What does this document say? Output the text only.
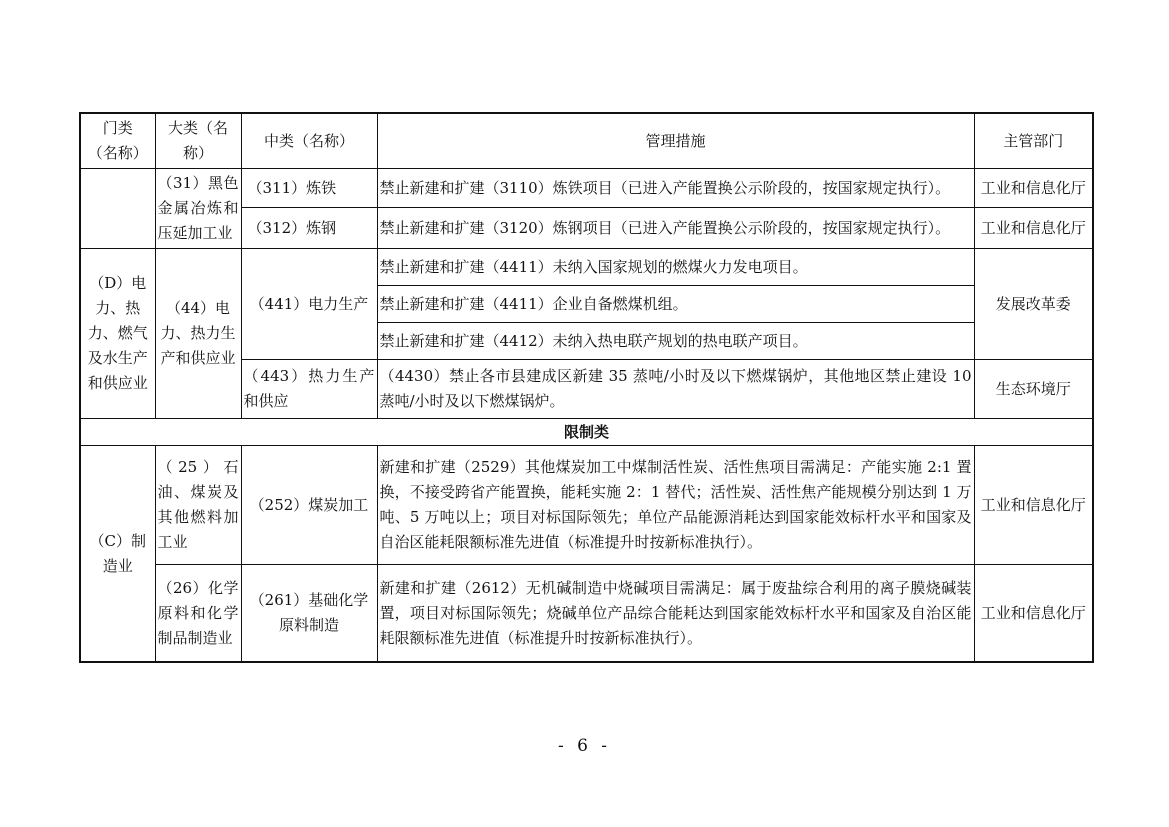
门类
（名称）	大类（名称）	中类（名称）	管理措施	主管部门
	（31）黑色金属冶炼和压延加工业	（311）炼铁	禁止新建和扩建（3110）炼铁项目（已进入产能置换公示阶段的，按国家规定执行）。	工业和信息化厅
		（312）炼钢	禁止新建和扩建（3120）炼钢项目（已进入产能置换公示阶段的，按国家规定执行）。	工业和信息化厅
（D）电力、热力、燃气及水生产和供应业	（44）电力、热力生产和供应业	（441）电力生产	禁止新建和扩建（4411）未纳入国家规划的燃煤火力发电项目。	发展改革委
			禁止新建和扩建（4411）企业自备燃煤机组。	
			禁止新建和扩建（4412）未纳入热电联产规划的热电联产项目。	
		（443）热力生产和供应	（4430）禁止各市县建成区新建 35 蒸吨/小时及以下燃煤锅炉，其他地区禁止建设 10 蒸吨/小时及以下燃煤锅炉。	生态环境厅
限制类				
（C）制造业	（25）石油、煤炭及其他燃料加工业	（252）煤炭加工	新建和扩建（2529）其他煤炭加工中煤制活性炭、活性焦项目需满足：产能实施 2:1 置换，不接受跨省产能置换，能耗实施 2：1 替代；活性炭、活性焦产能规模分别达到 1 万吨、5 万吨以上；项目对标国际领先；单位产品能源消耗达到国家能效标杆水平和国家及自治区能耗限额标准先进值（标准提升时按新标准执行）。	工业和信息化厅
	（26）化学原料和化学制品制造业	（261）基础化学原料制造	新建和扩建（2612）无机碱制造中烧碱项目需满足：属于废盐综合利用的离子膜烧碱装置，项目对标国际领先；烧碱单位产品综合能耗达到国家能效标杆水平和国家及自治区能耗限额标准先进值（标准提升时按新标准执行）。	工业和信息化厅
- 6 -
